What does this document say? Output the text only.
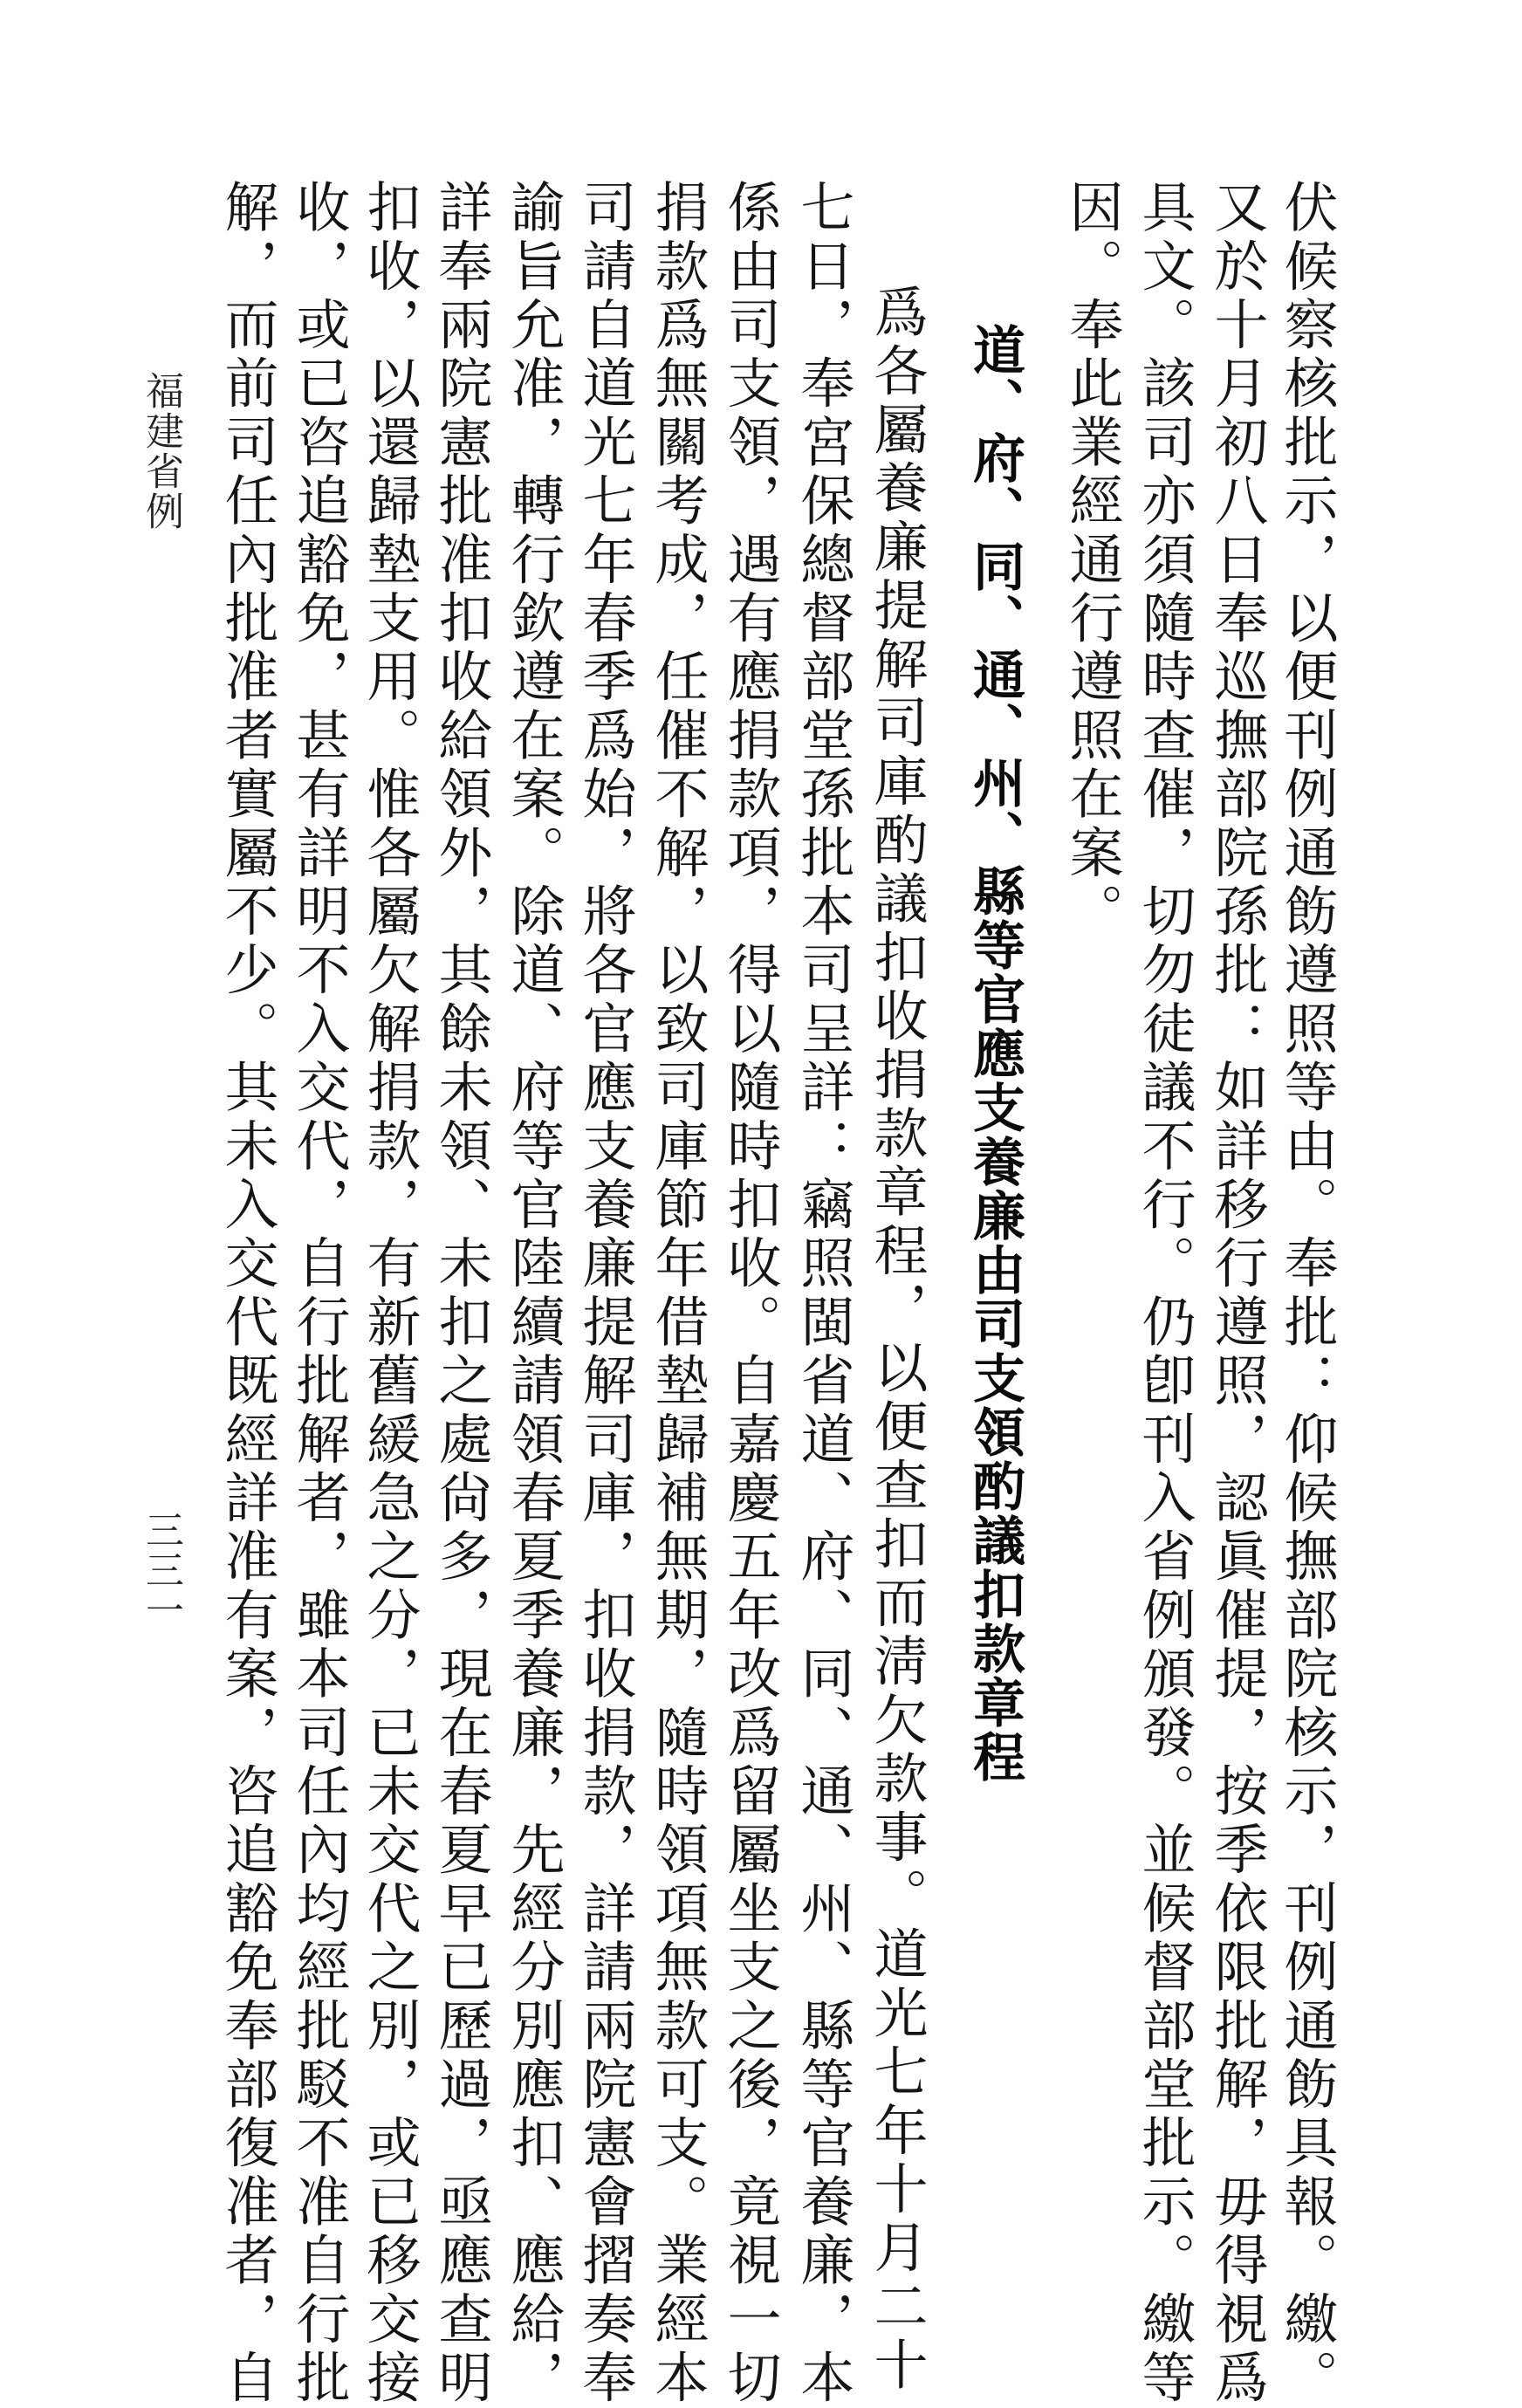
伏候察核批示，以便刊例通飭遵照等由。奉批：仰候撫部院核示，刊例通飭具報。繳。
又於十月初八日奉巡撫部院孫批：如詳移行遵照，認眞催提，按季依限批解，毋得視爲
具文。該司亦須隨時查催，切勿徒議不行。仍卽刊入省例頒發。並候督部堂批示。繳等
因。奉此業經通行遵照在案。
道、府、同、通、州、縣等官應支養廉由司支領酌議扣款章程
爲各屬養廉提解司庫酌議扣收捐款章程，以便查扣而淸欠款事。道光七年十月二十
七日，奉宮保總督部堂孫批本司呈詳：竊照閩省道、府、同、通、州、縣等官養廉，本
係由司支領，遇有應捐款項，得以隨時扣收。自嘉慶五年改爲留屬坐支之後，竟視一切
捐款爲無關考成，任催不解，以致司庫節年借墊歸補無期，隨時領項無款可支。業經本
司請自道光七年春季爲始，將各官應支養廉提解司庫，扣收捐款，詳請兩院憲會摺奏奉
諭旨允准，轉行欽遵在案。除道、府等官陸續請領春夏季養廉，先經分別應扣、應給，
詳奉兩院憲批准扣收給領外，其餘未領、未扣之處尙多，現在春夏早已歷過，亟應查明
扣收，以還歸墊支用。惟各屬欠解捐款，有新舊緩急之分，已未交代之別，或已移交接
收，或已咨追豁免，甚有詳明不入交代，自行批解者，雖本司任內均經批駁不准自行批
解，而前司任內批准者實屬不少。其未入交代既經詳准有案，咨追豁免奉部復准者，自
福建省例
三三一
